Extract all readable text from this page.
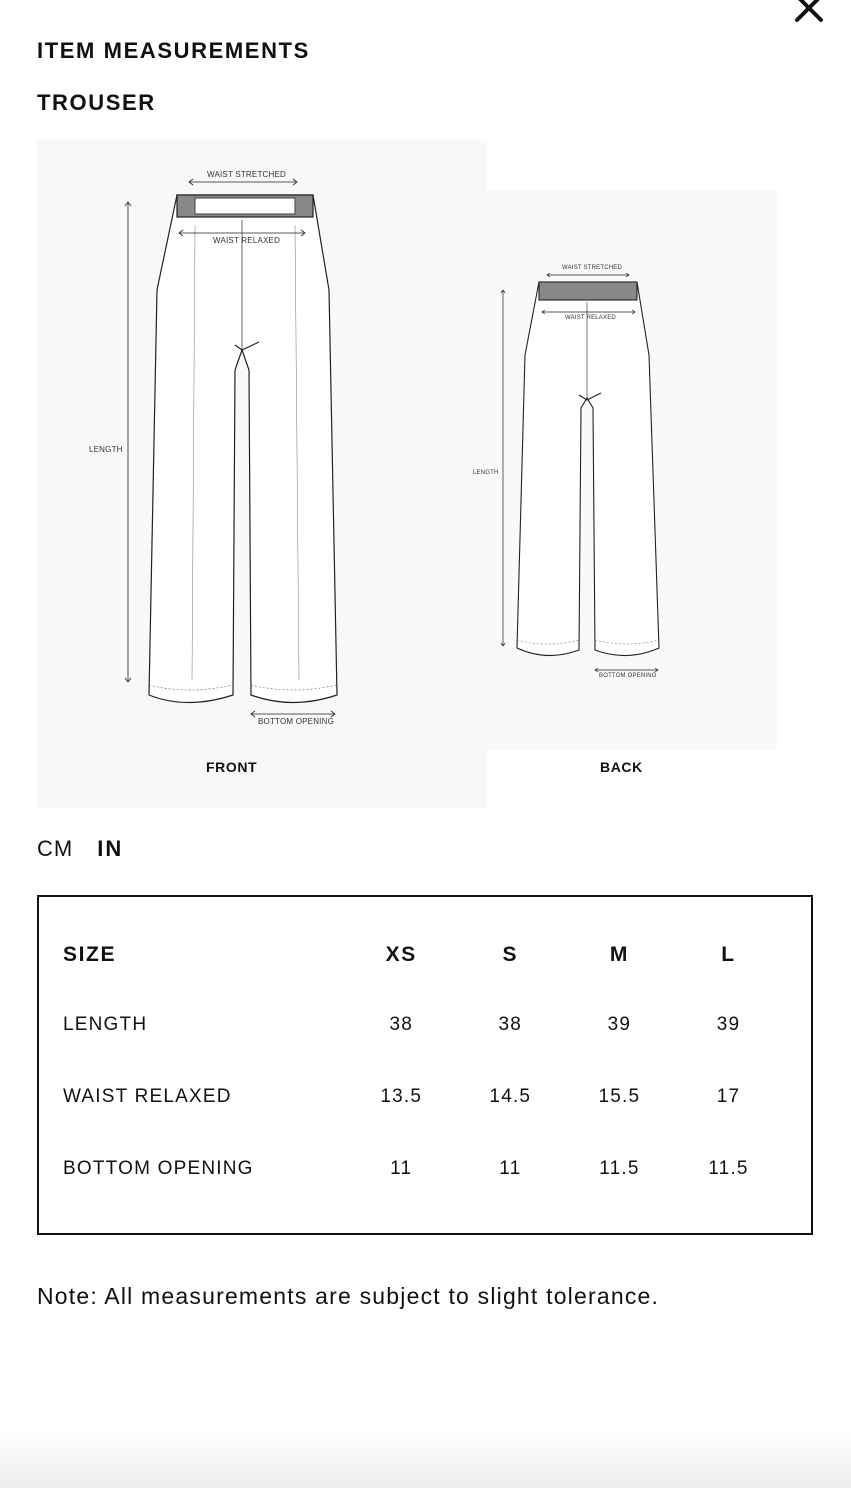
ITEM MEASUREMENTS
TROUSER
WAIST STRETCHED
WAIST RELAXED
LENGTH
BOTTOM OPENING
WAIST STRETCHED
WAIST RELAXED
LENGTH
BOTTOM OPENING
FRONT	BACK
CM IN
SIZE	XS	S	M	L
LENGTH	38	38	39	39
WAIST RELAXED	13.5	14.5	15.5	17
BOTTOM OPENING	11	11	11.5	11.5

Note: All measurements are subject to slight tolerance.
